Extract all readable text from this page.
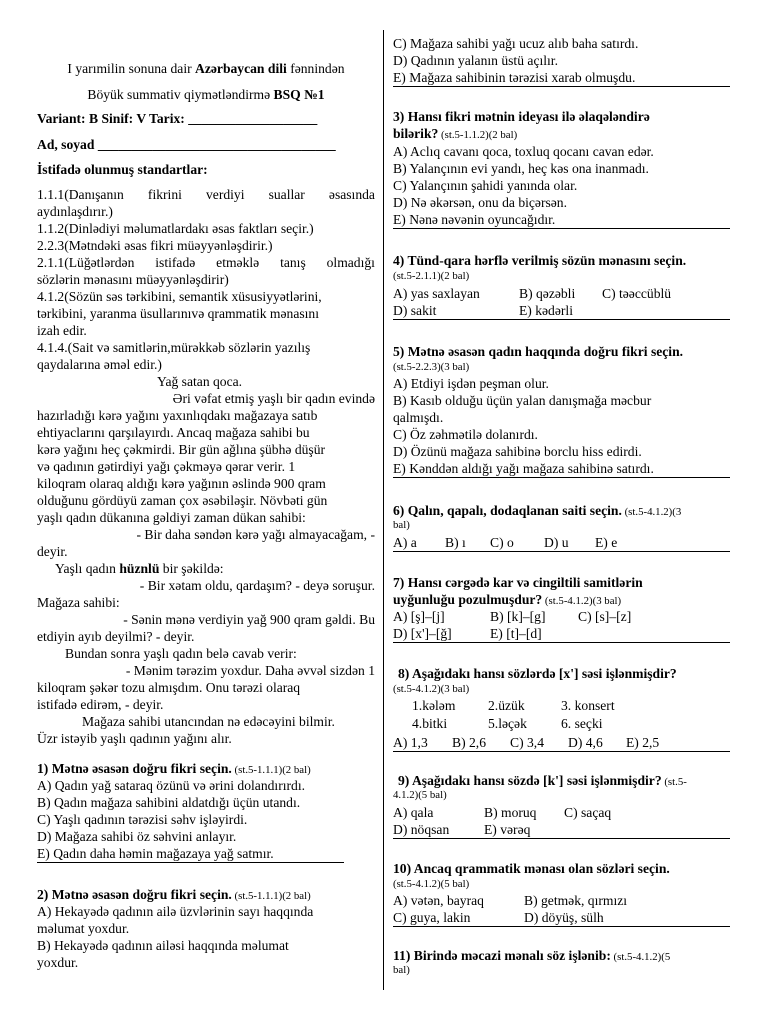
I yarımilin sonuna dair Azərbaycan dili fənnindən
Böyük summativ qiymətləndirmə BSQ №1
Variant: B Sinif: V Tarix: ___________________
Ad, soyad ___________________________________
İstifadə olunmuş standartlar:
1.1.1(Danışanın fikrini verdiyi suallar əsasında
aydınlaşdırır.)
1.1.2(Dinlədiyi məlumatlardakı əsas faktları seçir.)
2.2.3(Mətndəki əsas fikri müəyyənləşdirir.)
2.1.1(Lüğətlərdən istifadə etməklə tanış olmadığı
sözlərin mənasını müəyyənləşdirir)
4.1.2(Sözün səs tərkibini, semantik xüsusiyyətlərini,
tərkibini, yaranma üsullarınıvə qrammatik mənasını
izah edir.
4.1.4.(Sait və samitlərin,mürəkkəb sözlərin yazılış
qaydalarına əməl edir.)
Yağ satan qoca.
Əri vəfat etmiş yaşlı bir qadın evində
hazırladığı kərə yağını yaxınlıqdakı mağazaya satıb
ehtiyaclarını qarşılayırdı. Ancaq mağaza sahibi bu
kərə yağını heç çəkmirdi. Bir gün ağlına şübhə düşür
və qadının gətirdiyi yağı çəkməyə qərar verir. 1
kiloqram olaraq aldığı kərə yağının əslində 900 qram
olduğunu gördüyü zaman çox əsəbiləşir. Növbəti gün
yaşlı qadın dükanına gəldiyi zaman dükan sahibi:
- Bir daha səndən kərə yağı almayacağam, -
deyir.
Yaşlı qadın hüznlü bir şəkildə:
- Bir xətam oldu, qardaşım? - deyə soruşur.
Mağaza sahibi:
- Sənin mənə verdiyin yağ 900 qram gəldi. Bu
etdiyin ayıb deyilmi? - deyir.
Bundan sonra yaşlı qadın belə cavab verir:
- Mənim tərəzim yoxdur. Daha əvvəl sizdən 1
kiloqram şəkər tozu almışdım. Onu tərəzi olaraq
istifadə edirəm, - deyir.
Mağaza sahibi utancından nə edəcəyini bilmir.
Üzr istəyib yaşlı qadının yağını alır.
1) Mətnə əsasən doğru fikri seçin. (st.5-1.1.1)(2 bal)
A) Qadın yağ sataraq özünü və ərini dolandırırdı.
B) Qadın mağaza sahibini aldatdığı üçün utandı.
C) Yaşlı qadının tərəzisi səhv işləyirdi.
D) Mağaza sahibi öz səhvini anlayır.
E) Qadın daha həmin mağazaya yağ satmır.
2) Mətnə əsasən doğru fikri seçin. (st.5-1.1.1)(2 bal)
A) Hekayədə qadının ailə üzvlərinin sayı haqqında
məlumat yoxdur.
B) Hekayədə qadının ailəsi haqqında məlumat
yoxdur.
C) Mağaza sahibi yağı ucuz alıb baha satırdı.
D) Qadının yalanın üstü açılır.
E) Mağaza sahibinin tərəzisi xarab olmuşdu.
3) Hansı fikri mətnin ideyası ilə əlaqələndirə
bilərik? (st.5-1.1.2)(2 bal)
A) Aclıq cavanı qoca, toxluq qocanı cavan edər.
B) Yalançının evi yandı, heç kəs ona inanmadı.
C) Yalançının şahidi yanında olar.
D) Nə əkərsən, onu da biçərsən.
E) Nənə nəvənin oyuncağıdır.
4) Tünd-qara hərflə verilmiş sözün mənasını seçin.
(st.5-2.1.1)(2 bal)
A) yas saxlayan	B) qəzəbli C) təəccüblü
D) sakit	E) kədərli
5) Mətnə əsasən qadın haqqında doğru fikri seçin.
(st.5-2.2.3)(3 bal)
A) Etdiyi işdən peşman olur.
B) Kasıb olduğu üçün yalan danışmağa məcbur
qalmışdı.
C) Öz zəhmətilə dolanırdı.
D) Özünü mağaza sahibinə borclu hiss edirdi.
E) Kənddən aldığı yağı mağaza sahibinə satırdı.
6) Qalın, qapalı, dodaqlanan saiti seçin. (st.5-4.1.2)(3
bal)
A) a B) ı C) o D) u E) e
7) Hansı cərgədə kar və cingiltili samitlərin
uyğunluğu pozulmuşdur? (st.5-4.1.2)(3 bal)
A) [ş]–[j]	B) [k]–[g] C) [s]–[z]
D) [x']–[ğ]	E) [t]–[d]
8) Aşağıdakı hansı sözlərdə [x'] səsi işlənmişdir?
(st.5-4.1.2)(3 bal)
1.kələm 2.üzük	3. konsert
4.bitki	5.ləçək	6. seçki
A) 1,3 B) 2,6 C) 3,4 D) 4,6 E) 2,5
9) Aşağıdakı hansı sözdə [k'] səsi işlənmişdir? (st.5-
4.1.2)(5 bal)
A) qala	B) moruq C) saçaq
D) nöqsan	E) vərəq
10) Ancaq qrammatik mənası olan sözləri seçin.
(st.5-4.1.2)(5 bal)
A) vətən, bayraq	B) getmək, qırmızı
C) guya, lakin	D) döyüş, sülh
11) Birində məcazi mənalı söz işlənib: (st.5-4.1.2)(5
bal)
